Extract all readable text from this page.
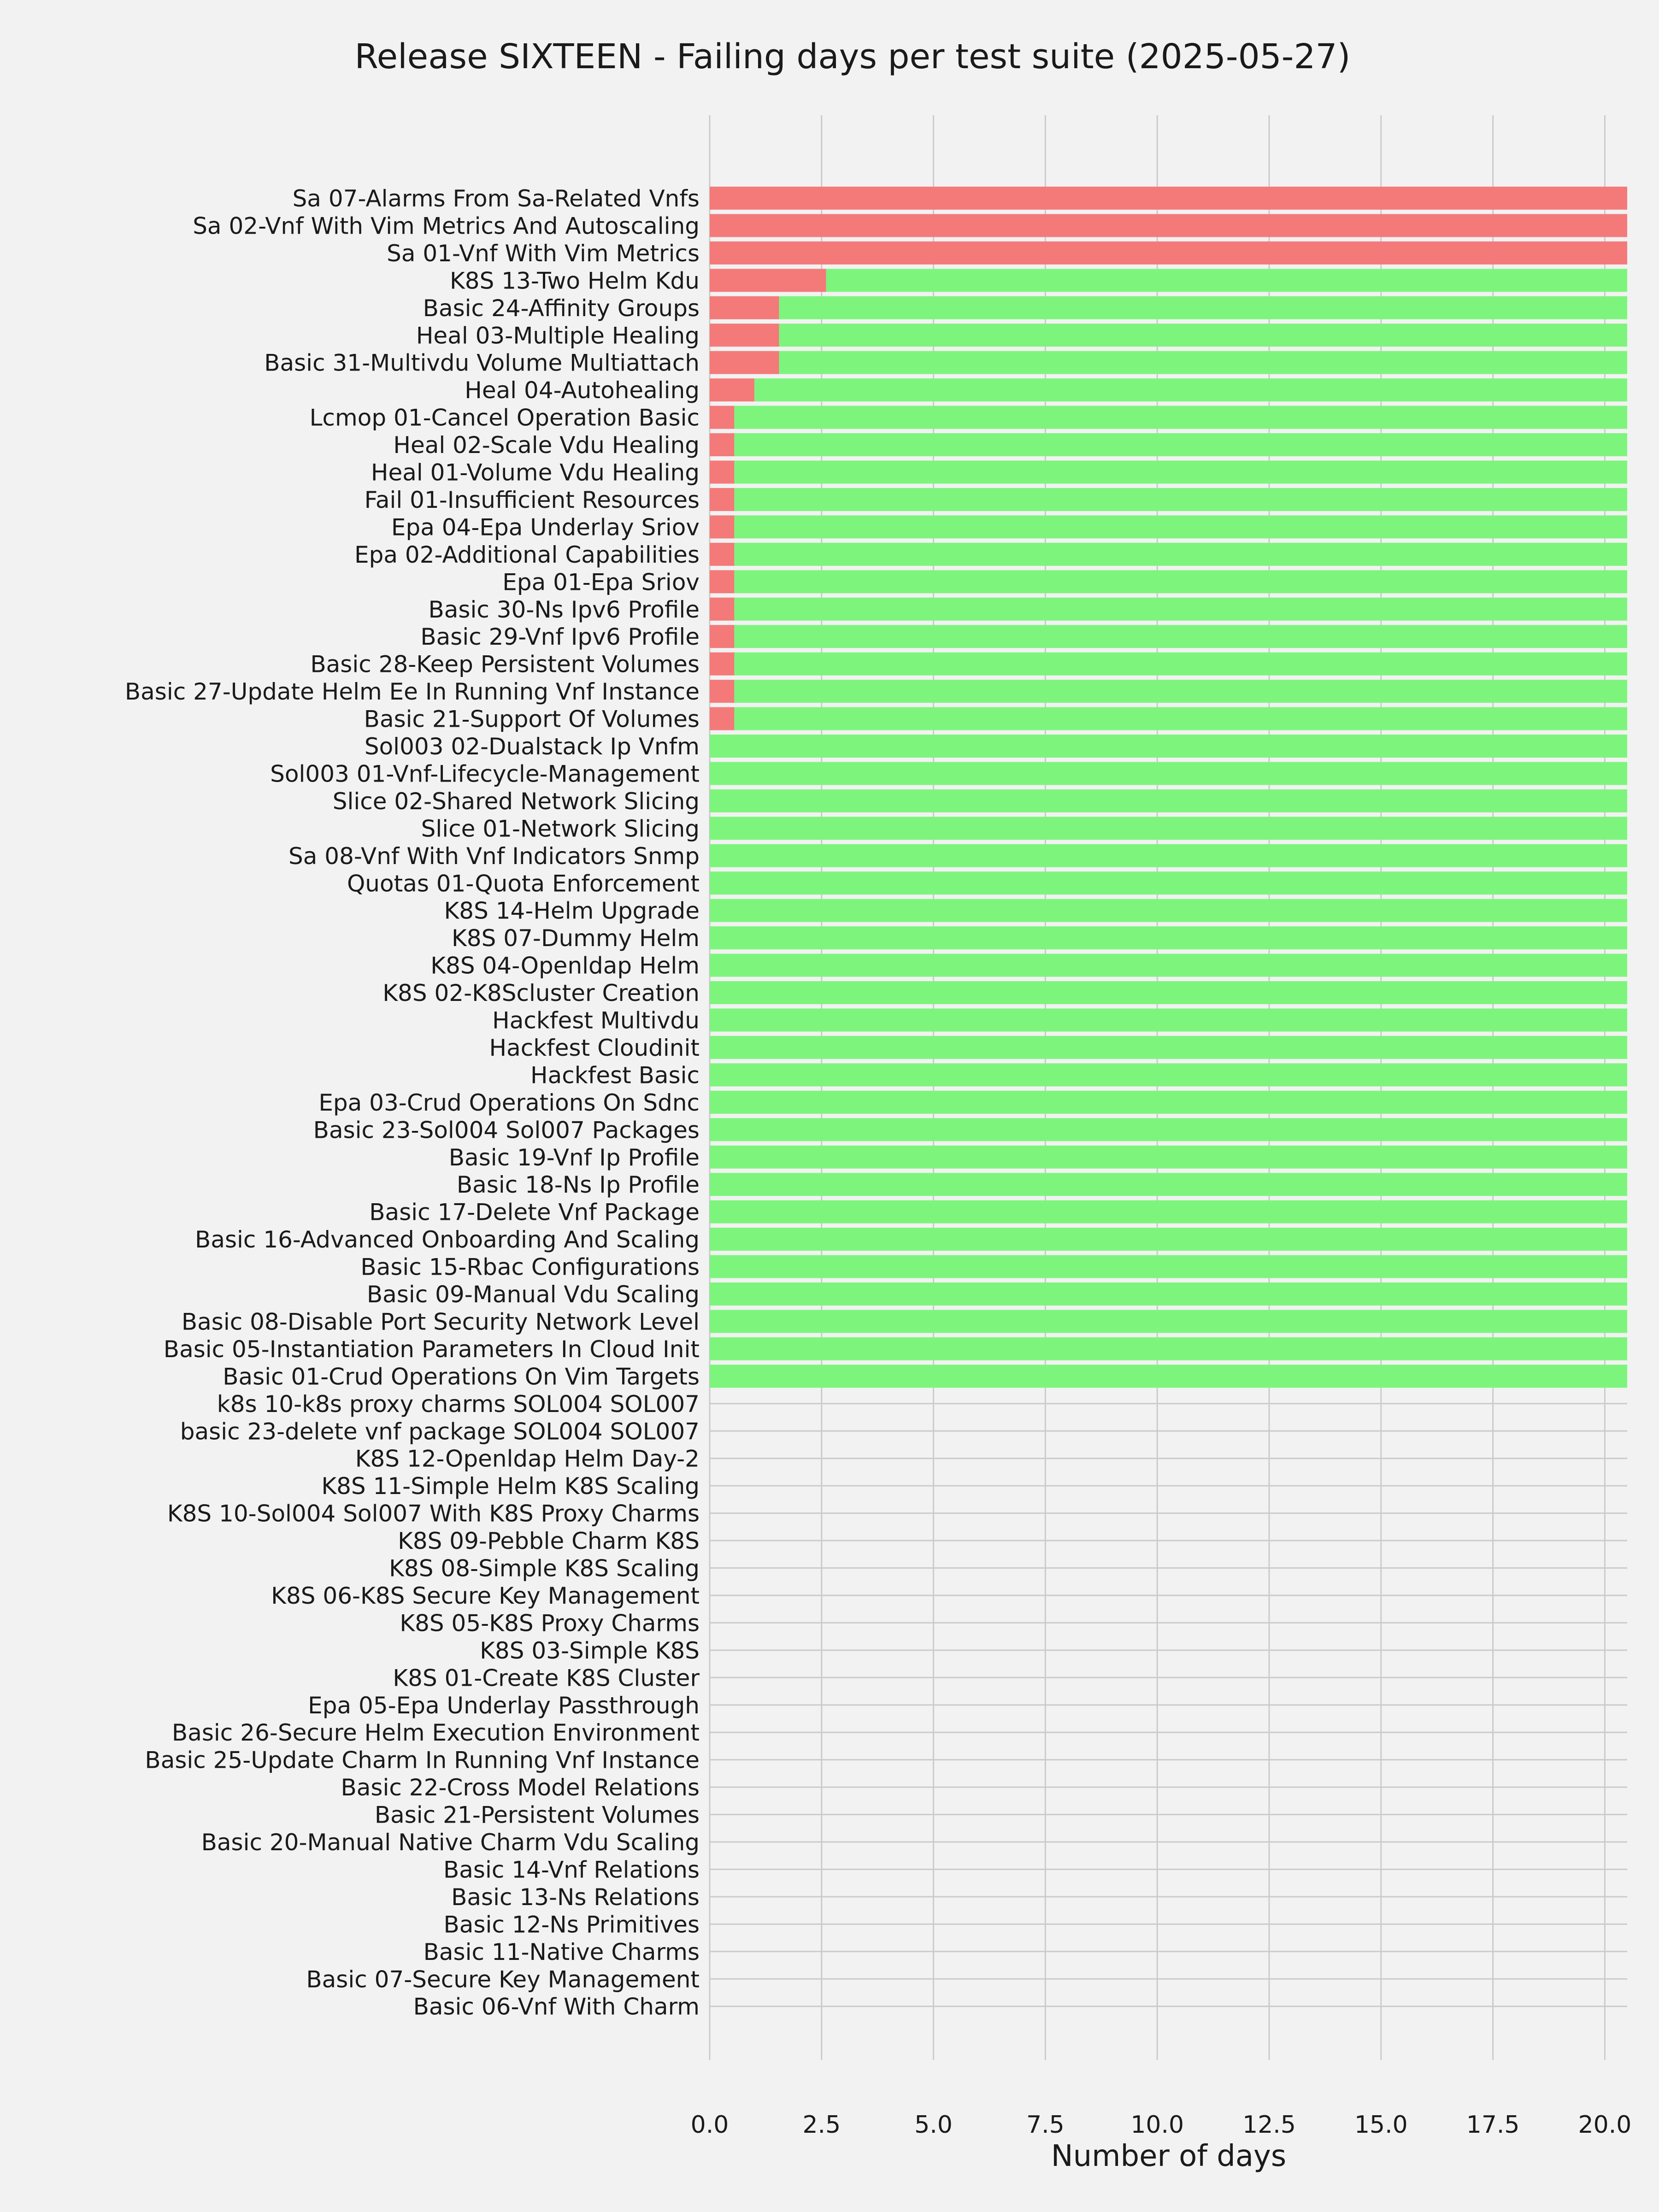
Release SIXTEEN - Failing days per test suite (2025-05-27)
Sa 07-Alarms From Sa-Related Vnfs
Sa 02-Vnf With Vim Metrics And Autoscaling
Sa 01-Vnf With Vim Metrics
K8S 13-Two Helm Kdu
Basic 24-Affinity Groups
Heal 03-Multiple Healing
Basic 31-Multivdu Volume Multiattach
Heal 04-Autohealing
Lcmop 01-Cancel Operation Basic
Heal 02-Scale Vdu Healing
Heal 01-Volume Vdu Healing
Fail 01-Insufficient Resources
Epa 04-Epa Underlay Sriov
Epa 02-Additional Capabilities
Epa 01-Epa Sriov
Basic 30-Ns Ipv6 Profile
Basic 29-Vnf Ipv6 Profile
Basic 28-Keep Persistent Volumes
Basic 27-Update Helm Ee In Running Vnf Instance
Basic 21-Support Of Volumes
Sol003 02-Dualstack Ip Vnfm
Sol003 01-Vnf-Lifecycle-Management
Slice 02-Shared Network Slicing
Slice 01-Network Slicing
Sa 08-Vnf With Vnf Indicators Snmp
Quotas 01-Quota Enforcement
K8S 14-Helm Upgrade
K8S 07-Dummy Helm
K8S 04-Openldap Helm
K8S 02-K8Scluster Creation
Hackfest Multivdu
Hackfest Cloudinit
Hackfest Basic
Epa 03-Crud Operations On Sdnc
Basic 23-Sol004 Sol007 Packages
Basic 19-Vnf Ip Profile
Basic 18-Ns Ip Profile
Basic 17-Delete Vnf Package
Basic 16-Advanced Onboarding And Scaling
Basic 15-Rbac Configurations
Basic 09-Manual Vdu Scaling
Basic 08-Disable Port Security Network Level
Basic 05-Instantiation Parameters In Cloud Init
Basic 01-Crud Operations On Vim Targets
k8s 10-k8s proxy charms SOL004 SOL007
basic 23-delete vnf package SOL004 SOL007
K8S 12-Openldap Helm Day-2
K8S 11-Simple Helm K8S Scaling
K8S 10-Sol004 Sol007 With K8S Proxy Charms
K8S 09-Pebble Charm K8S
K8S 08-Simple K8S Scaling
K8S 06-K8S Secure Key Management
K8S 05-K8S Proxy Charms
K8S 03-Simple K8S
K8S 01-Create K8S Cluster
Epa 05-Epa Underlay Passthrough
Basic 26-Secure Helm Execution Environment
Basic 25-Update Charm In Running Vnf Instance
Basic 22-Cross Model Relations
Basic 21-Persistent Volumes
Basic 20-Manual Native Charm Vdu Scaling
Basic 14-Vnf Relations
Basic 13-Ns Relations
Basic 12-Ns Primitives
Basic 11-Native Charms
Basic 07-Secure Key Management
Basic 06-Vnf With Charm
0.0	2.5	5.0	7.5	10.0 12.5 15.0 17.5 20.0
Number of days
